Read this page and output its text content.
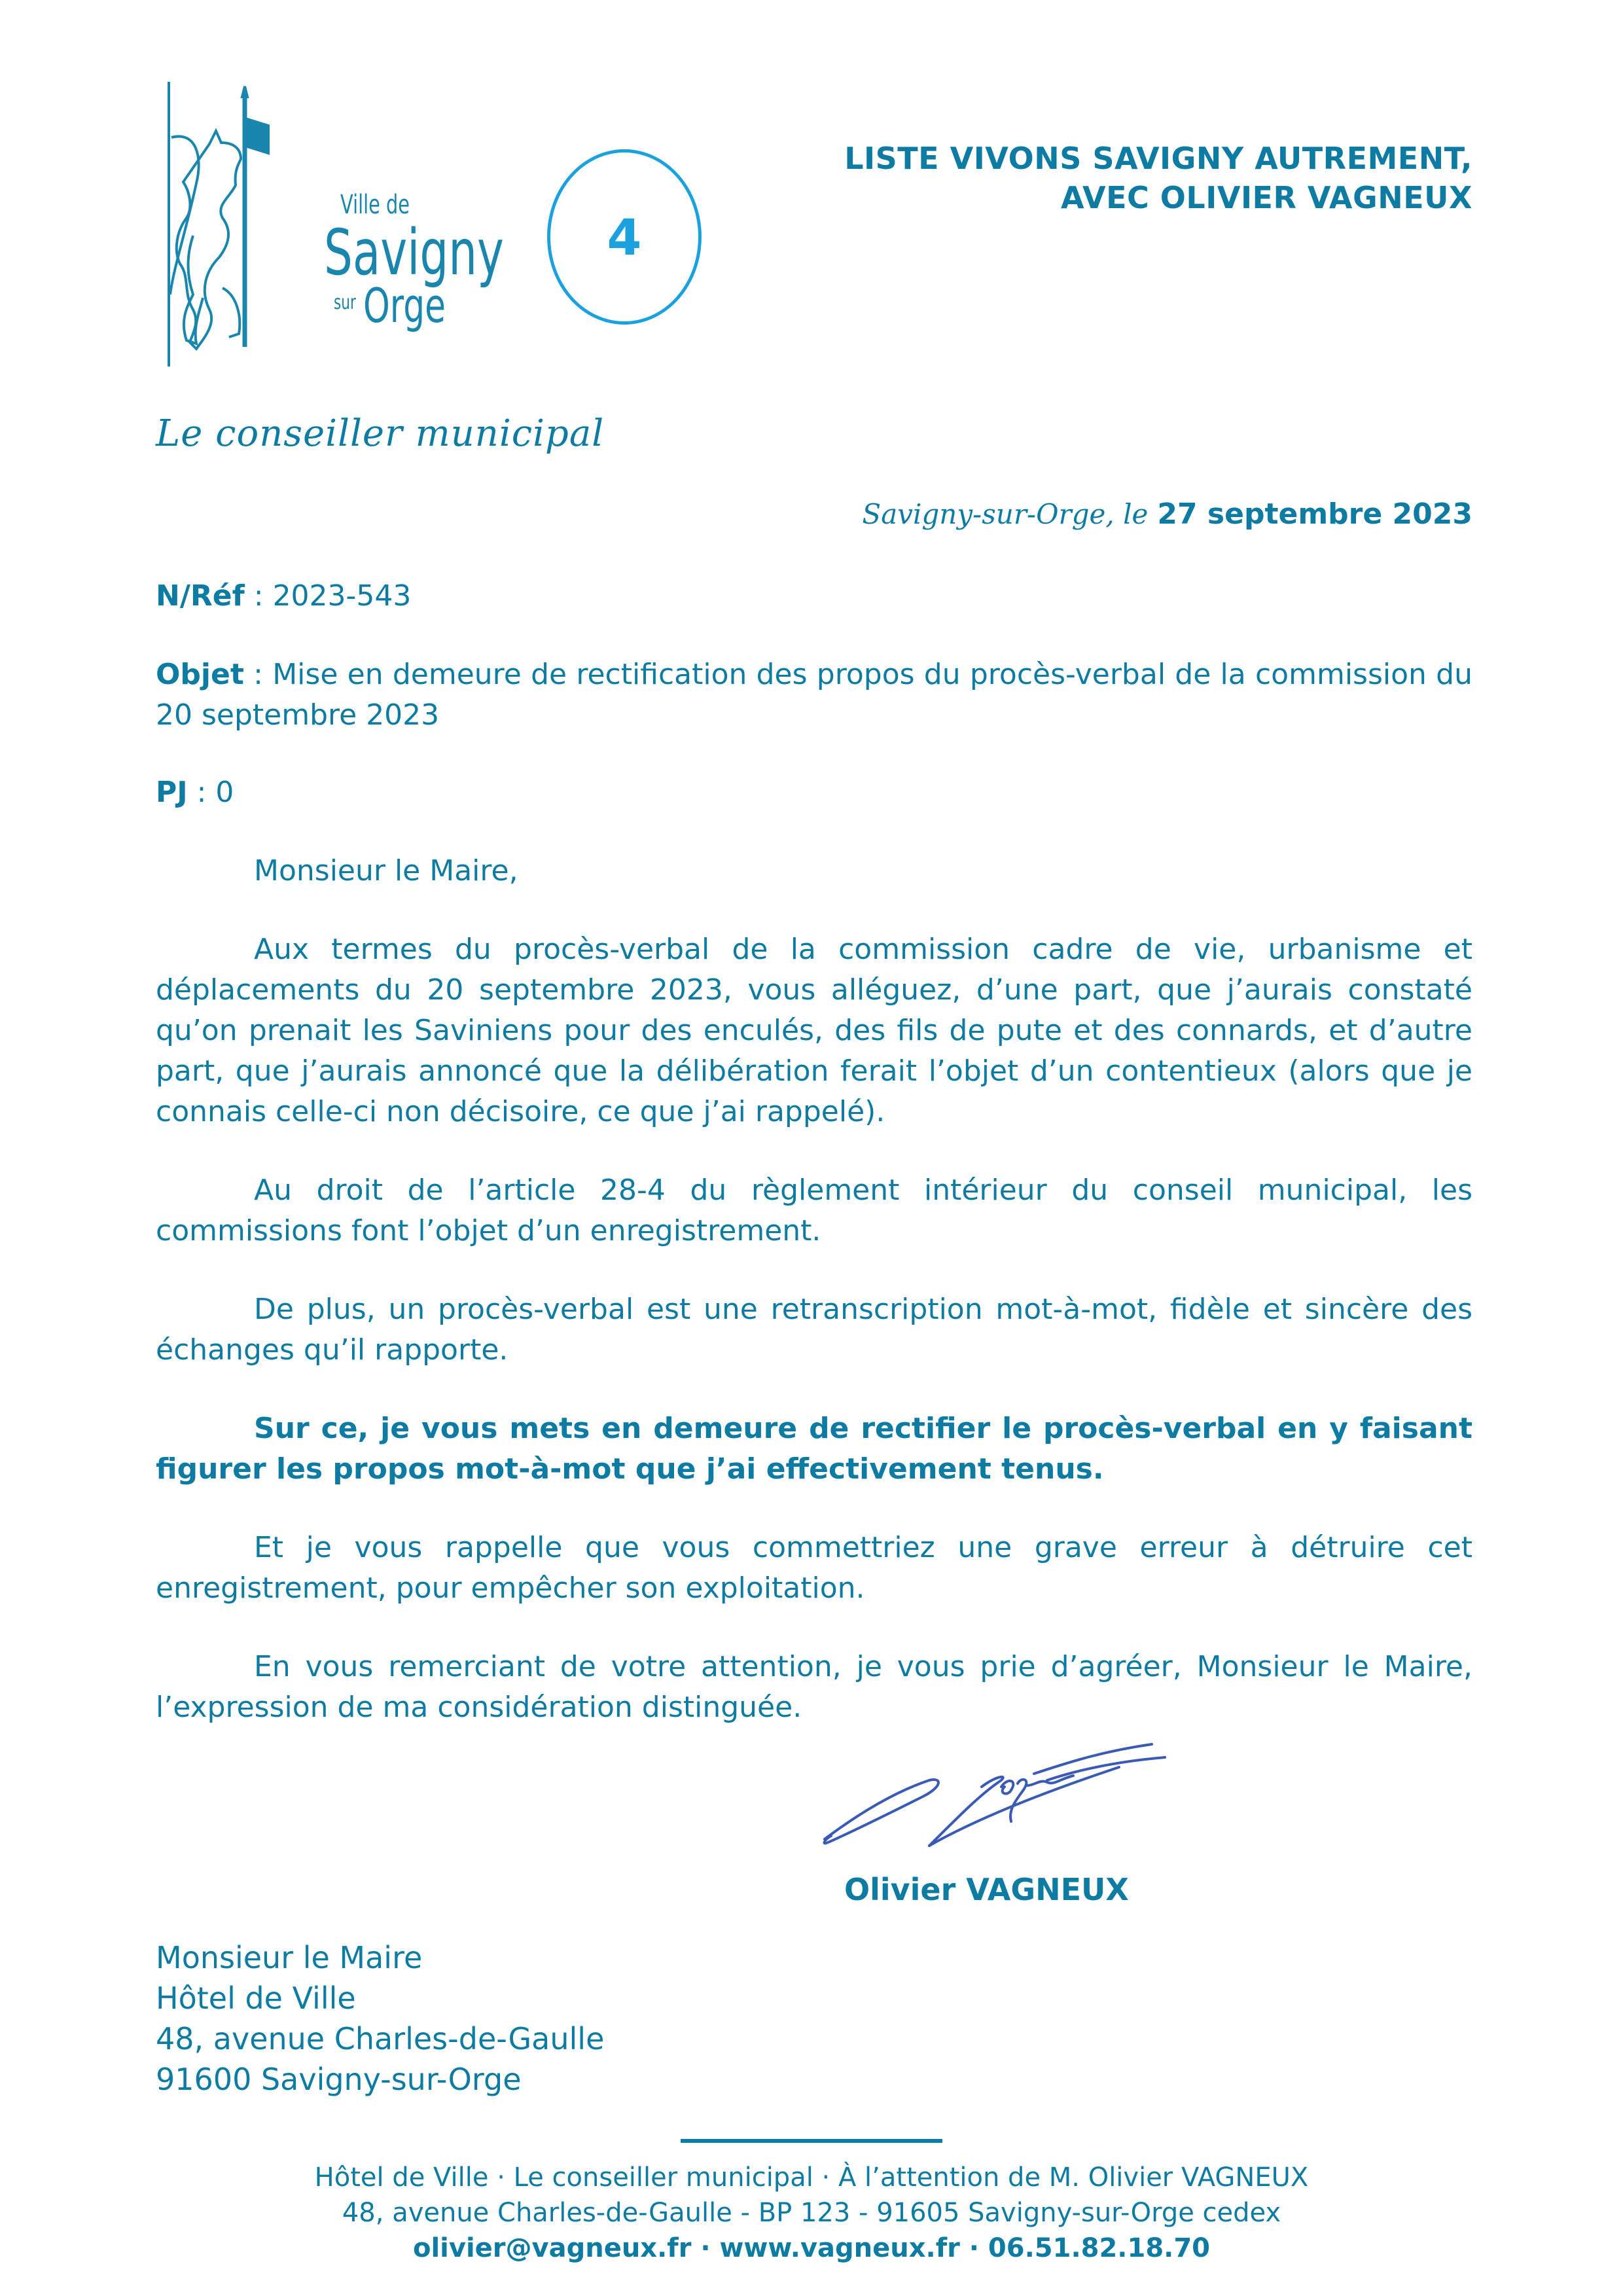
Ville de
Savigny
sur Orge
4
LISTE VIVONS SAVIGNY AUTREMENT,
AVEC OLIVIER VAGNEUX
Le conseiller municipal
Savigny-sur-Orge, le 27 septembre 2023
N/Réf : 2023-543
Objet : Mise en demeure de rectification des propos du procès-verbal de la commission du 20 septembre 2023
PJ : 0

Monsieur le Maire,

Aux termes du procès-verbal de la commission cadre de vie, urbanisme et déplacements du 20 septembre 2023, vous alléguez, d’une part, que j’aurais constaté qu’on prenait les Saviniens pour des enculés, des fils de pute et des connards, et d’autre part, que j’aurais annoncé que la délibération ferait l’objet d’un contentieux (alors que je connais celle-ci non décisoire, ce que j’ai rappelé).

Au droit de l’article 28-4 du règlement intérieur du conseil municipal, les commissions font l’objet d’un enregistrement.

De plus, un procès-verbal est une retranscription mot-à-mot, fidèle et sincère des échanges qu’il rapporte.

Sur ce, je vous mets en demeure de rectifier le procès-verbal en y faisant figurer les propos mot-à-mot que j’ai effectivement tenus.

Et je vous rappelle que vous commettriez une grave erreur à détruire cet enregistrement, pour empêcher son exploitation.

En vous remerciant de votre attention, je vous prie d’agréer, Monsieur le Maire, l’expression de ma considération distinguée.

Olivier VAGNEUX
Monsieur le Maire
Hôtel de Ville
48, avenue Charles-de-Gaulle
91600 Savigny-sur-Orge
Hôtel de Ville · Le conseiller municipal · À l’attention de M. Olivier VAGNEUX
48, avenue Charles-de-Gaulle - BP 123 - 91605 Savigny-sur-Orge cedex
olivier@vagneux.fr · www.vagneux.fr · 06.51.82.18.70
